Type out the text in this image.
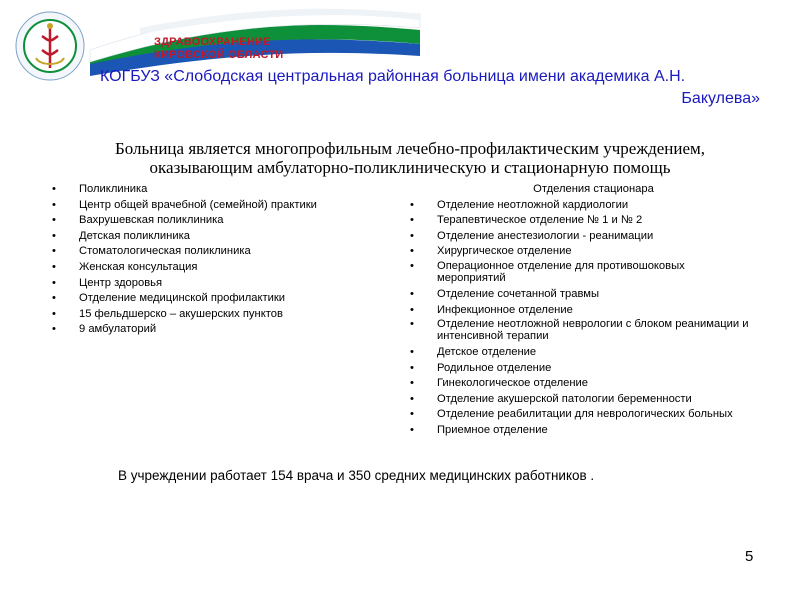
ЗДРАВООХРАНЕНИЕ
КИРОВСКОЙ ОБЛАСТИ
КОГБУЗ «Слободская центральная районная больница имени академика А.Н.
Бакулева»
Больница является многопрофильным лечебно-профилактическим учреждением,
оказывающим амбулаторно-поликлиническую и стационарную помощь
• Поликлиника
• Центр общей врачебной (семейной) практики
• Вахрушевская поликлиника
• Детская поликлиника
• Стоматологическая поликлиника
• Женская консультация
• Центр здоровья
• Отделение медицинской профилактики
• 15 фельдшерско – акушерских пунктов
• 9 амбулаторий
Отделения стационара
• Отделение неотложной кардиологии
• Терапевтическое отделение № 1 и № 2
• Отделение анестезиологии - реанимации
• Хирургическое отделение
• Операционное отделение для противошоковых мероприятий
• Отделение сочетанной травмы
• Инфекционное отделение
• Отделение неотложной неврологии с блоком реанимации и интенсивной терапии
• Детское отделение
• Родильное отделение
• Гинекологическое отделение
• Отделение акушерской патологии беременности
• Отделение реабилитации для неврологических больных
• Приемное отделение
В учреждении работает 154 врача и 350 средних медицинских работников .
5
